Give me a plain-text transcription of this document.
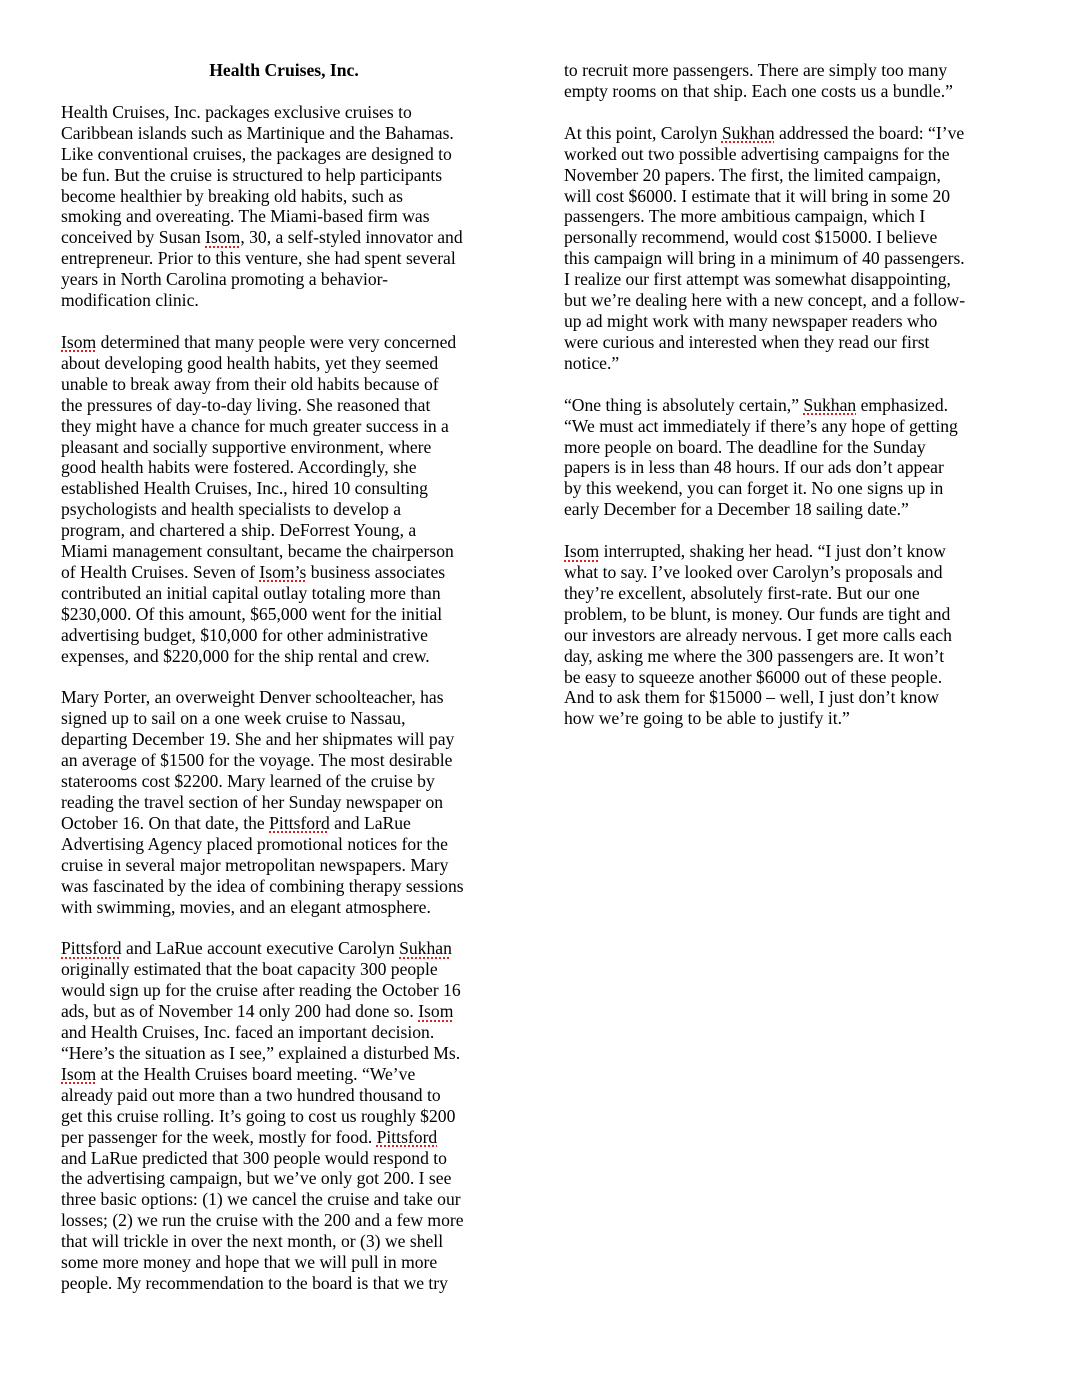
Health Cruises, Inc.
Health Cruises, Inc. packages exclusive cruises to
Caribbean islands such as Martinique and the Bahamas.
Like conventional cruises, the packages are designed to
be fun. But the cruise is structured to help participants
become healthier by breaking old habits, such as
smoking and overeating. The Miami-based firm was
conceived by Susan Isom, 30, a self-styled innovator and
entrepreneur. Prior to this venture, she had spent several
years in North Carolina promoting a behavior-
modification clinic.
Isom determined that many people were very concerned
about developing good health habits, yet they seemed
unable to break away from their old habits because of
the pressures of day-to-day living. She reasoned that
they might have a chance for much greater success in a
pleasant and socially supportive environment, where
good health habits were fostered. Accordingly, she
established Health Cruises, Inc., hired 10 consulting
psychologists and health specialists to develop a
program, and chartered a ship. DeForrest Young, a
Miami management consultant, became the chairperson
of Health Cruises. Seven of Isom’s business associates
contributed an initial capital outlay totaling more than
$230,000. Of this amount, $65,000 went for the initial
advertising budget, $10,000 for other administrative
expenses, and $220,000 for the ship rental and crew.
Mary Porter, an overweight Denver schoolteacher, has
signed up to sail on a one week cruise to Nassau,
departing December 19. She and her shipmates will pay
an average of $1500 for the voyage. The most desirable
staterooms cost $2200. Mary learned of the cruise by
reading the travel section of her Sunday newspaper on
October 16. On that date, the Pittsford and LaRue
Advertising Agency placed promotional notices for the
cruise in several major metropolitan newspapers. Mary
was fascinated by the idea of combining therapy sessions
with swimming, movies, and an elegant atmosphere.
Pittsford and LaRue account executive Carolyn Sukhan
originally estimated that the boat capacity 300 people
would sign up for the cruise after reading the October 16
ads, but as of November 14 only 200 had done so. Isom
and Health Cruises, Inc. faced an important decision.
“Here’s the situation as I see,” explained a disturbed Ms.
Isom at the Health Cruises board meeting. “We’ve
already paid out more than a two hundred thousand to
get this cruise rolling. It’s going to cost us roughly $200
per passenger for the week, mostly for food. Pittsford
and LaRue predicted that 300 people would respond to
the advertising campaign, but we’ve only got 200. I see
three basic options: (1) we cancel the cruise and take our
losses; (2) we run the cruise with the 200 and a few more
that will trickle in over the next month, or (3) we shell
some more money and hope that we will pull in more
people. My recommendation to the board is that we try
to recruit more passengers. There are simply too many
empty rooms on that ship. Each one costs us a bundle.”
At this point, Carolyn Sukhan addressed the board: “I’ve
worked out two possible advertising campaigns for the
November 20 papers. The first, the limited campaign,
will cost $6000. I estimate that it will bring in some 20
passengers. The more ambitious campaign, which I
personally recommend, would cost $15000. I believe
this campaign will bring in a minimum of 40 passengers.
I realize our first attempt was somewhat disappointing,
but we’re dealing here with a new concept, and a follow-
up ad might work with many newspaper readers who
were curious and interested when they read our first
notice.”
“One thing is absolutely certain,” Sukhan emphasized.
“We must act immediately if there’s any hope of getting
more people on board. The deadline for the Sunday
papers is in less than 48 hours. If our ads don’t appear
by this weekend, you can forget it. No one signs up in
early December for a December 18 sailing date.”
Isom interrupted, shaking her head. “I just don’t know
what to say. I’ve looked over Carolyn’s proposals and
they’re excellent, absolutely first-rate. But our one
problem, to be blunt, is money. Our funds are tight and
our investors are already nervous. I get more calls each
day, asking me where the 300 passengers are. It won’t
be easy to squeeze another $6000 out of these people.
And to ask them for $15000 – well, I just don’t know
how we’re going to be able to justify it.”
